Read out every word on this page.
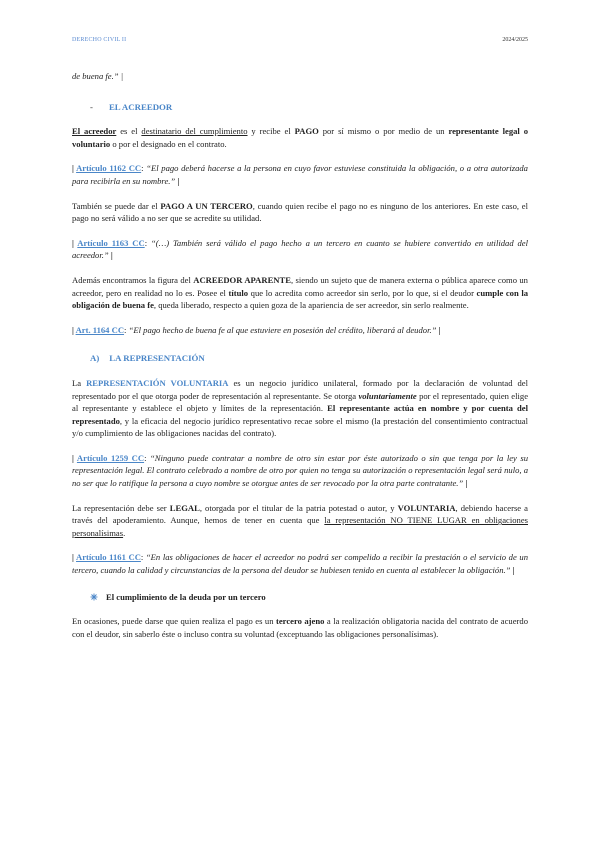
DERECHO CIVIL II	2024/2025

de buena fe.” |

- EL ACREEDOR

El acreedor es el destinatario del cumplimiento y recibe el PAGO por sí mismo o por medio de un representante legal o voluntario o por el designado en el contrato.

| Artículo 1162 CC: “El pago deberá hacerse a la persona en cuyo favor estuviese constituida la obligación, o a otra autorizada para recibirla en su nombre.” |

También se puede dar el PAGO A UN TERCERO, cuando quien recibe el pago no es ninguno de los anteriores. En este caso, el pago no será válido a no ser que se acredite su utilidad.

| Artículo 1163 CC: “(…) También será válido el pago hecho a un tercero en cuanto se hubiere convertido en utilidad del acreedor.” |

Además encontramos la figura del ACREEDOR APARENTE, siendo un sujeto que de manera externa o pública aparece como un acreedor, pero en realidad no lo es. Posee el título que lo acredita como acreedor sin serlo, por lo que, si el deudor cumple con la obligación de buena fe, queda liberado, respecto a quien goza de la apariencia de ser acreedor, sin serlo realmente.

| Art. 1164 CC: “El pago hecho de buena fe al que estuviere en posesión del crédito, liberará al deudor.” |

A) LA REPRESENTACIÓN

La REPRESENTACIÓN VOLUNTARIA es un negocio jurídico unilateral, formado por la declaración de voluntad del representado por el que otorga poder de representación al representante. Se otorga voluntariamente por el representado, quien elige al representante y establece el objeto y límites de la representación. El representante actúa en nombre y por cuenta del representado, y la eficacia del negocio jurídico representativo recae sobre el mismo (la prestación del consentimiento contractual y/o cumplimiento de las obligaciones nacidas del contrato).

| Artículo 1259 CC: “Ninguno puede contratar a nombre de otro sin estar por éste autorizado o sin que tenga por la ley su representación legal. El contrato celebrado a nombre de otro por quien no tenga su autorización o representación legal será nulo, a no ser que lo ratifique la persona a cuyo nombre se otorgue antes de ser revocado por la otra parte contratante.” |

La representación debe ser LEGAL, otorgada por el titular de la patria potestad o autor, y VOLUNTARIA, debiendo hacerse a través del apoderamiento. Aunque, hemos de tener en cuenta que la representación NO TIENE LUGAR en obligaciones personalísimas.

| Artículo 1161 CC: “En las obligaciones de hacer el acreedor no podrá ser compelido a recibir la prestación o el servicio de un tercero, cuando la calidad y circunstancias de la persona del deudor se hubiesen tenido en cuenta al establecer la obligación.” |

El cumplimiento de la deuda por un tercero

En ocasiones, puede darse que quien realiza el pago es un tercero ajeno a la realización obligatoria nacida del contrato de acuerdo con el deudor, sin saberlo éste o incluso contra su voluntad (exceptuando las obligaciones personalísimas).
